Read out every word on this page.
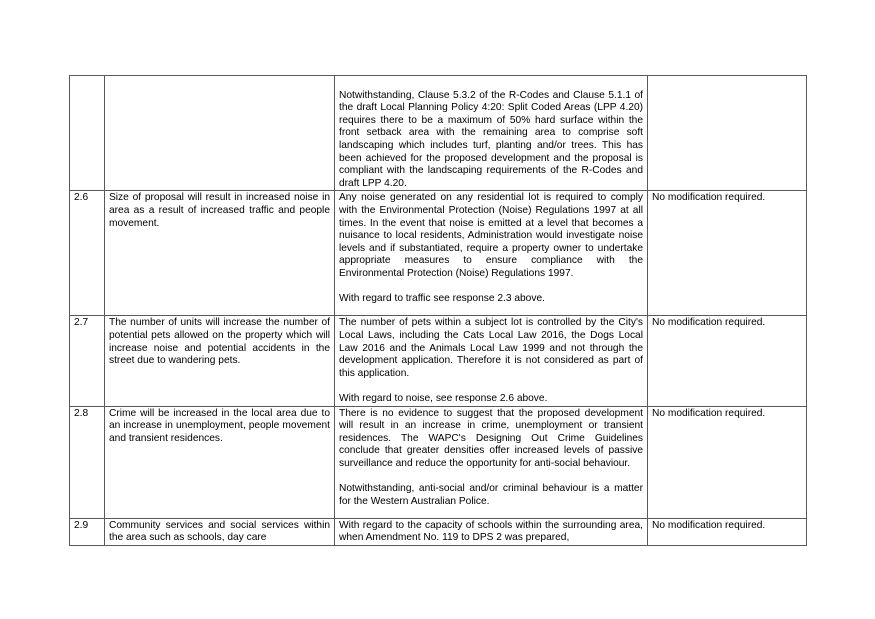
		Notwithstanding, Clause 5.3.2 of the R-Codes and Clause 5.1.1 of the draft Local Planning Policy 4:20: Split Coded Areas (LPP 4.20) requires there to be a maximum of 50% hard surface within the front setback area with the remaining area to comprise soft landscaping which includes turf, planting and/or trees. This has been achieved for the proposed development and the proposal is compliant with the landscaping requirements of the R-Codes and draft LPP 4.20.	

2.6	Size of proposal will result in increased noise in area as a result of increased traffic and people movement.	Any noise generated on any residential lot is required to comply with the Environmental Protection (Noise) Regulations 1997 at all times. In the event that noise is emitted at a level that becomes a nuisance to local residents, Administration would investigate noise levels and if substantiated, require a property owner to undertake appropriate measures to ensure compliance with the Environmental Protection (Noise) Regulations 1997.
With regard to traffic see response 2.3 above.	No modification required.
2.7	The number of units will increase the number of potential pets allowed on the property which will increase noise and potential accidents in the street due to wandering pets.	The number of pets within a subject lot is controlled by the City's Local Laws, including the Cats Local Law 2016, the Dogs Local Law 2016 and the Animals Local Law 1999 and not through the development application. Therefore it is not considered as part of this application.
With regard to noise, see response 2.6 above.	No modification required.
2.8	Crime will be increased in the local area due to an increase in unemployment, people movement and transient residences.	There is no evidence to suggest that the proposed development will result in an increase in crime, unemployment or transient residences. The WAPC's Designing Out Crime Guidelines conclude that greater densities offer increased levels of passive surveillance and reduce the opportunity for anti-social behaviour.
Notwithstanding, anti-social and/or criminal behaviour is a matter for the Western Australian Police.	No modification required.
2.9	Community services and social services within the area such as schools, day care	With regard to the capacity of schools within the surrounding area, when Amendment No. 119 to DPS 2 was prepared,	No modification required.
